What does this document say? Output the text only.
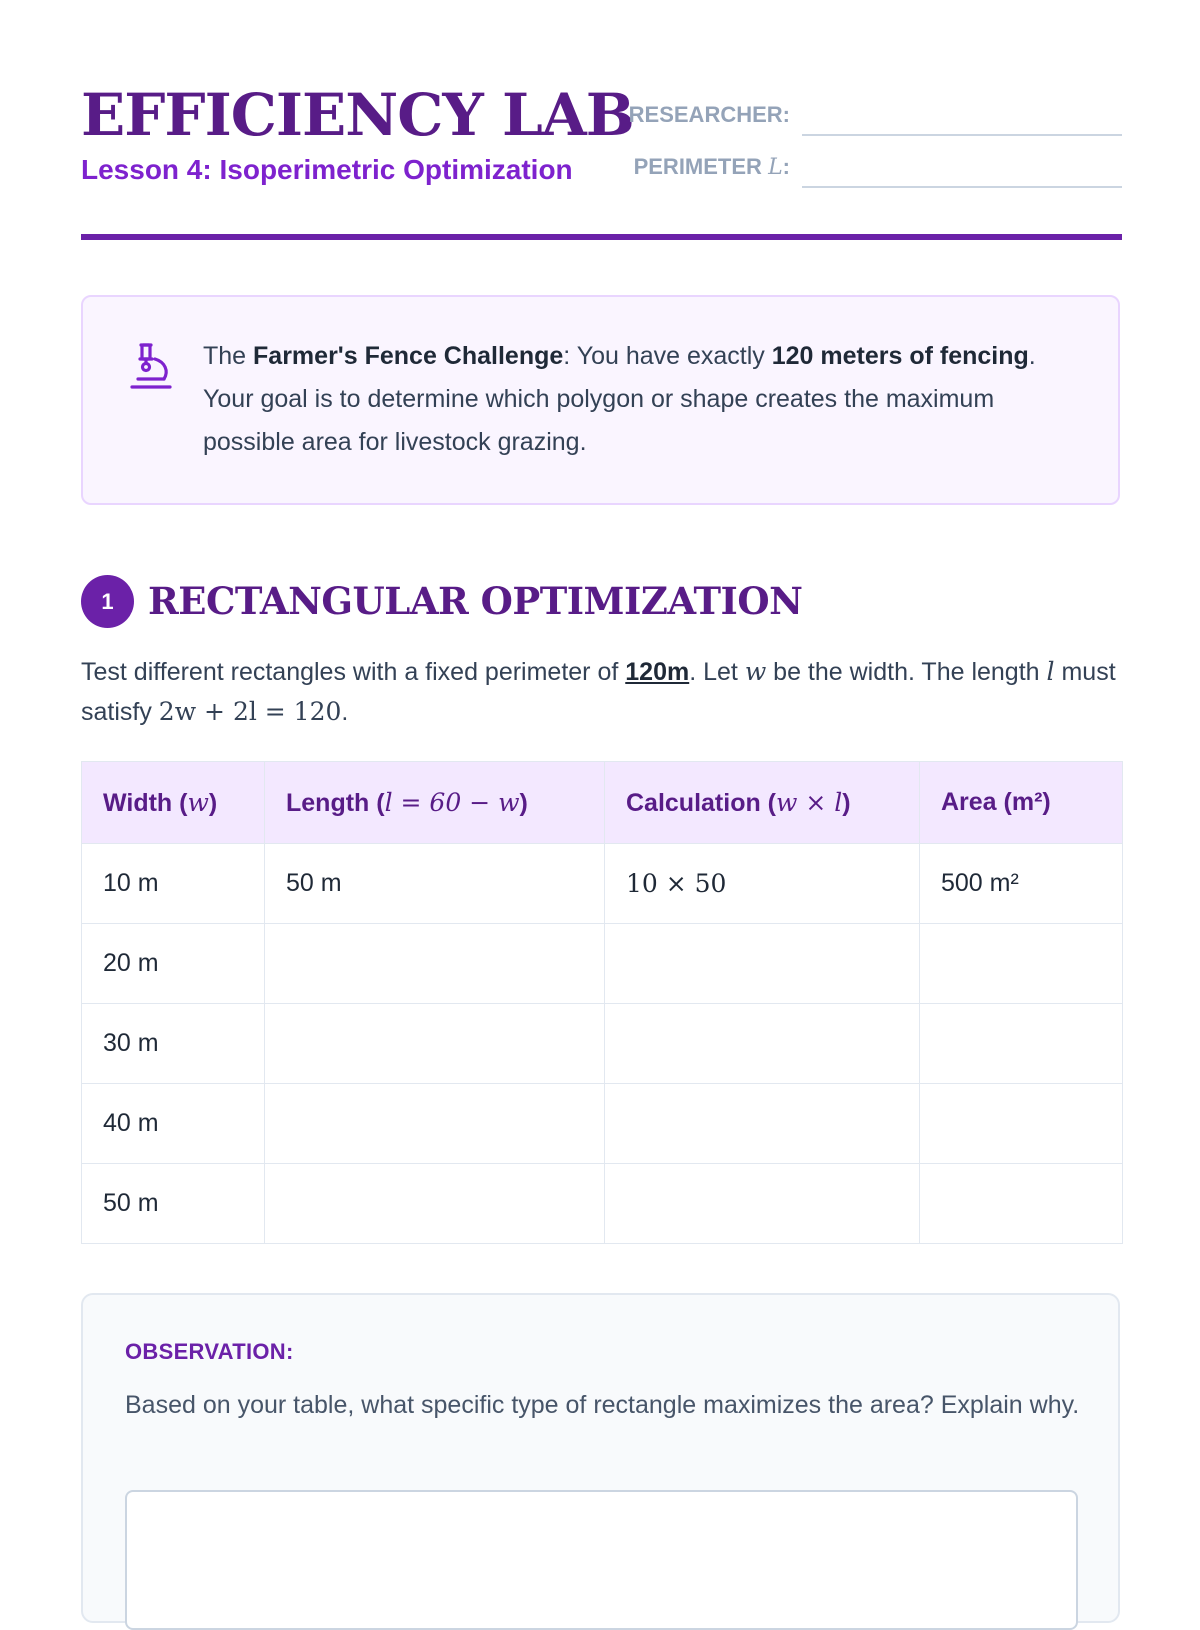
EFFICIENCY LAB
Lesson 4: Isoperimetric Optimization
RESEARCHER:
PERIMETER L:
The Farmer's Fence Challenge: You have exactly 120 meters of fencing. Your goal is to determine which polygon or shape creates the maximum possible area for livestock grazing.
1 RECTANGULAR OPTIMIZATION
Test different rectangles with a fixed perimeter of 120m. Let w be the width. The length l must satisfy 2w + 2l = 120.
Width (w)	Length (l = 60 − w)	Calculation (w × l)	Area (m²)
10 m	50 m	10 × 50	500 m²
20 m			
30 m			
40 m			
50 m			
OBSERVATION:
Based on your table, what specific type of rectangle maximizes the area? Explain why.
